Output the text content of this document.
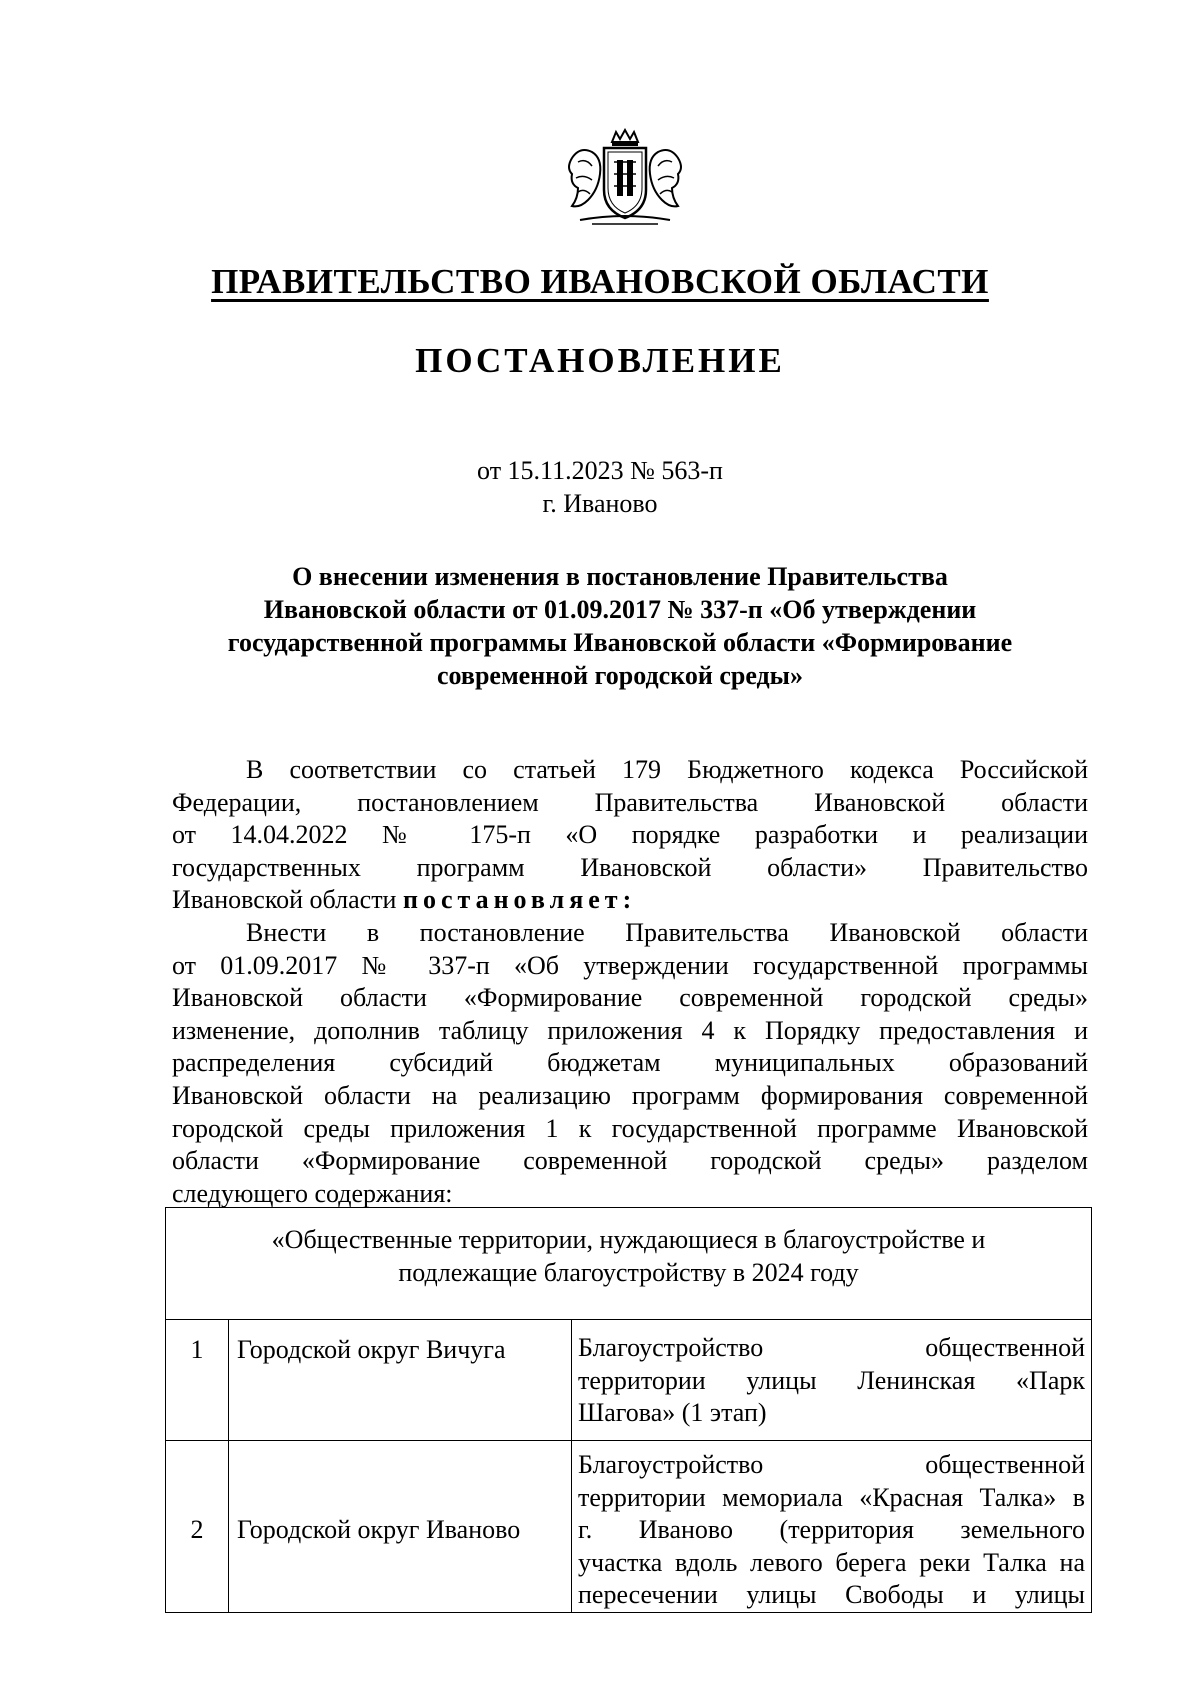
ПРАВИТЕЛЬСТВО ИВАНОВСКОЙ ОБЛАСТИ
ПОСТАНОВЛЕНИЕ
от 15.11.2023 № 563-п
г. Иваново
О внесении изменения в постановление Правительства
Ивановской области от 01.09.2017 № 337-п «Об утверждении
государственной программы Ивановской области «Формирование
современной городской среды»
В соответствии со статьей 179 Бюджетного кодекса Российской
Федерации, постановлением Правительства Ивановской области
от 14.04.2022 № 175-п «О порядке разработки и реализации
государственных программ Ивановской области» Правительство
Ивановской области постановляет:
Внести в постановление Правительства Ивановской области
от 01.09.2017 № 337-п «Об утверждении государственной программы
Ивановской области «Формирование современной городской среды»
изменение, дополнив таблицу приложения 4 к Порядку предоставления и
распределения субсидий бюджетам муниципальных образований
Ивановской области на реализацию программ формирования современной
городской среды приложения 1 к государственной программе Ивановской
области «Формирование современной городской среды» разделом
следующего содержания:
«Общественные территории, нуждающиеся в благоустройстве и
подлежащие благоустройству в 2024 году		

1	Городской округ Вичуга	Благоустройство общественной
территории улицы Ленинская «Парк
Шагова» (1 этап)

2	Городской округ Иваново	Благоустройство общественной
территории мемориала «Красная Талка» в
г. Иваново (территория земельного
участка вдоль левого берега реки Талка на
пересечении улицы Свободы и улицы
